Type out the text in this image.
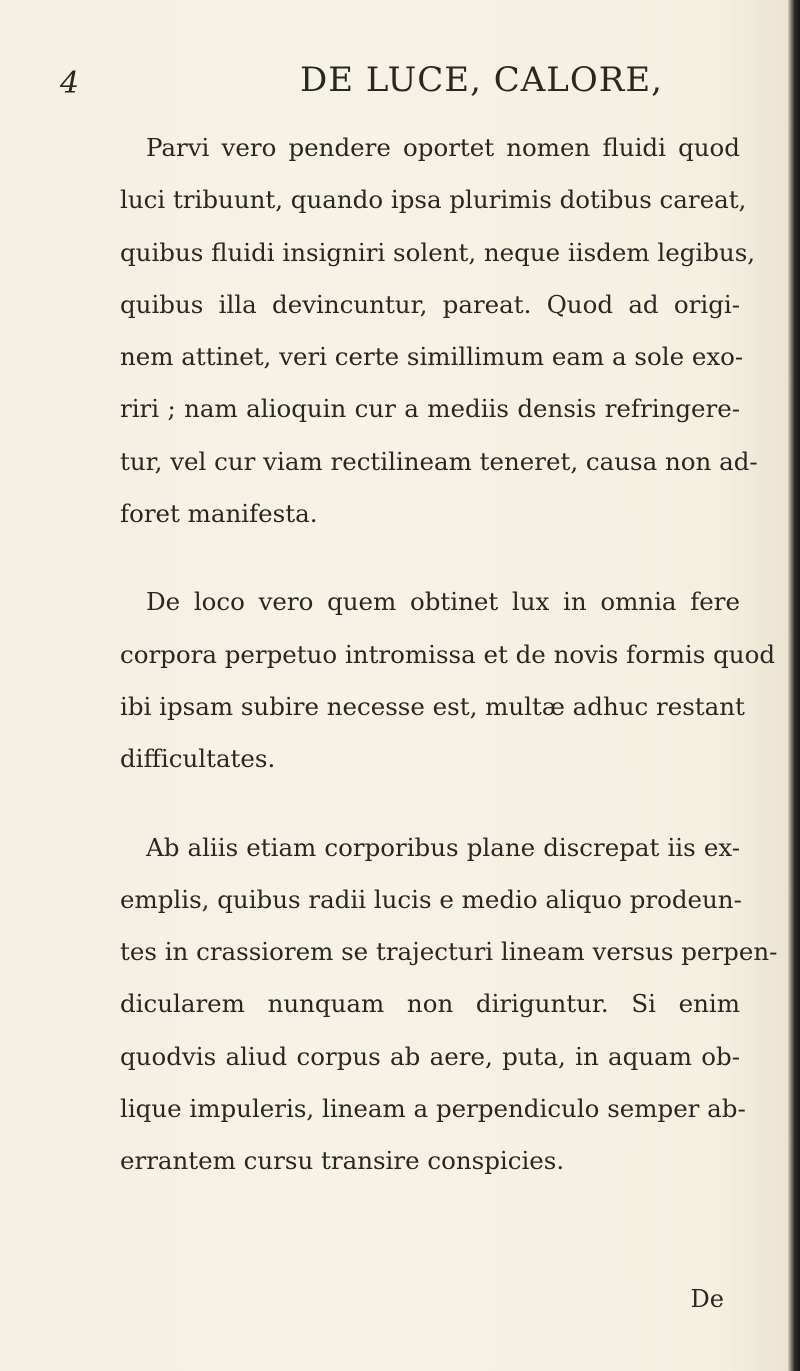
4	DE LUCE, CALORE,
Parvi vero pendere oportet nomen fluidi quod
luci tribuunt, quando ipsa plurimis dotibus careat,
quibus fluidi insigniri solent, neque iisdem legibus,
quibus illa devincuntur, pareat. Quod ad origi-
nem attinet, veri certe simillimum eam a sole exo-
riri ; nam alioquin cur a mediis densis refringere-
tur, vel cur viam rectilineam teneret, causa non ad-
foret manifesta.
De loco vero quem obtinet lux in omnia fere
corpora perpetuo intromissa et de novis formis quod
ibi ipsam subire necesse est, multæ adhuc restant
difficultates.
Ab aliis etiam corporibus plane discrepat iis ex-
emplis, quibus radii lucis e medio aliquo prodeun-
tes in crassiorem se trajecturi lineam versus perpen-
dicularem nunquam non diriguntur. Si enim
quodvis aliud corpus ab aere, puta, in aquam ob-
lique impuleris, lineam a perpendiculo semper ab-
errantem cursu transire conspicies.
De
